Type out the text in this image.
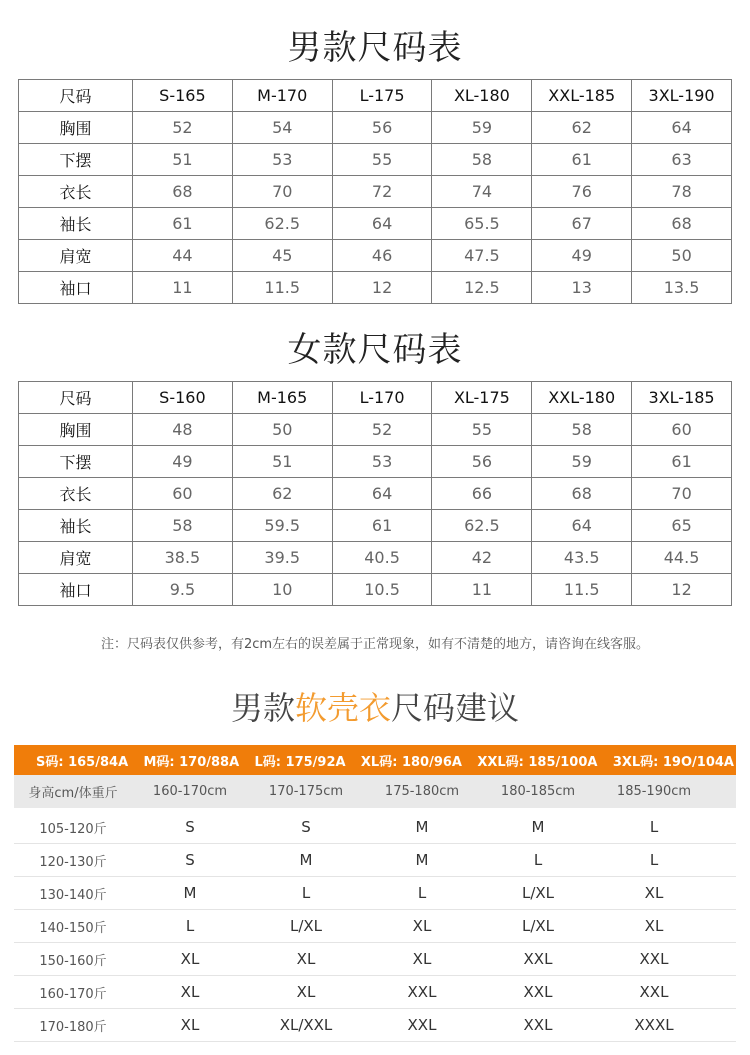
男款尺码表
尺码	S-165	M-170	L-175	XL-180	XXL-185	3XL-190
胸围	52	54	56	59	62	64
下摆	51	53	55	58	61	63
衣长	68	70	72	74	76	78
袖长	61	62.5	64	65.5	67	68
肩宽	44	45	46	47.5	49	50
袖口	11	11.5	12	12.5	13	13.5
女款尺码表
尺码	S-160	M-165	L-170	XL-175	XXL-180	3XL-185
胸围	48	50	52	55	58	60
下摆	49	51	53	56	59	61
衣长	60	62	64	66	68	70
袖长	58	59.5	61	62.5	64	65
肩宽	38.5	39.5	40.5	42	43.5	44.5
袖口	9.5	10	10.5	11	11.5	12
注：尺码表仅供参考，有2cm左右的误差属于正常现象，如有不清楚的地方，请咨询在线客服。
男款软壳衣尺码建议
S码: 165/84A M码: 170/88A L码: 175/92A XL码: 180/96A XXL码: 185/100A 3XL码: 19O/104A
身高cm/体重斤	160-170cm	170-175cm	175-180cm	180-185cm	185-190cm
105-120斤	S	S	M	M	L
120-130斤	S	M	M	L	L
130-140斤	M	L	L	L/XL	XL
140-150斤	L	L/XL	XL	L/XL	XL
150-160斤	XL	XL	XL	XXL	XXL
160-170斤	XL	XL	XXL	XXL	XXL
170-180斤	XL	XL/XXL	XXL	XXL	XXXL
